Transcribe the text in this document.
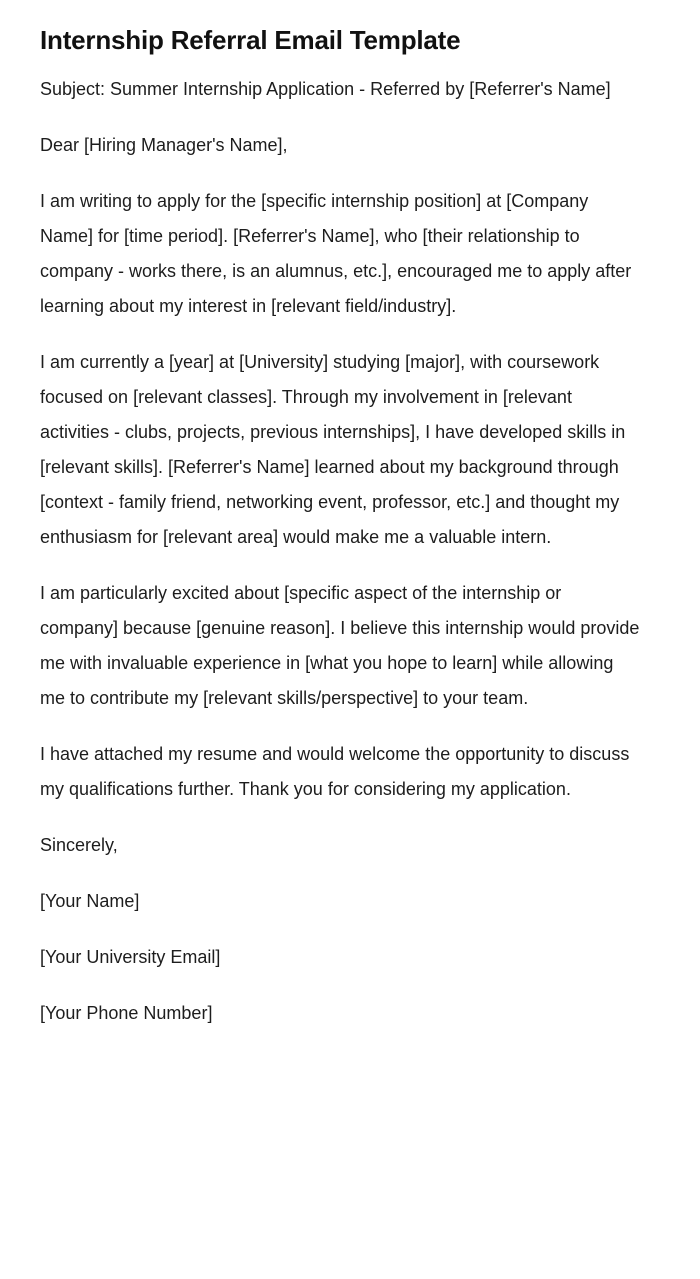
Internship Referral Email Template

Subject: Summer Internship Application - Referred by [Referrer's Name]

Dear [Hiring Manager's Name],

I am writing to apply for the [specific internship position] at [Company Name] for [time period]. [Referrer's Name], who [their relationship to company - works there, is an alumnus, etc.], encouraged me to apply after learning about my interest in [relevant field/industry].

I am currently a [year] at [University] studying [major], with coursework focused on [relevant classes]. Through my involvement in [relevant activities - clubs, projects, previous internships], I have developed skills in [relevant skills]. [Referrer's Name] learned about my background through [context - family friend, networking event, professor, etc.] and thought my enthusiasm for [relevant area] would make me a valuable intern.

I am particularly excited about [specific aspect of the internship or company] because [genuine reason]. I believe this internship would provide me with invaluable experience in [what you hope to learn] while allowing me to contribute my [relevant skills/perspective] to your team.

I have attached my resume and would welcome the opportunity to discuss my qualifications further. Thank you for considering my application.

Sincerely,

[Your Name]

[Your University Email]

[Your Phone Number]
